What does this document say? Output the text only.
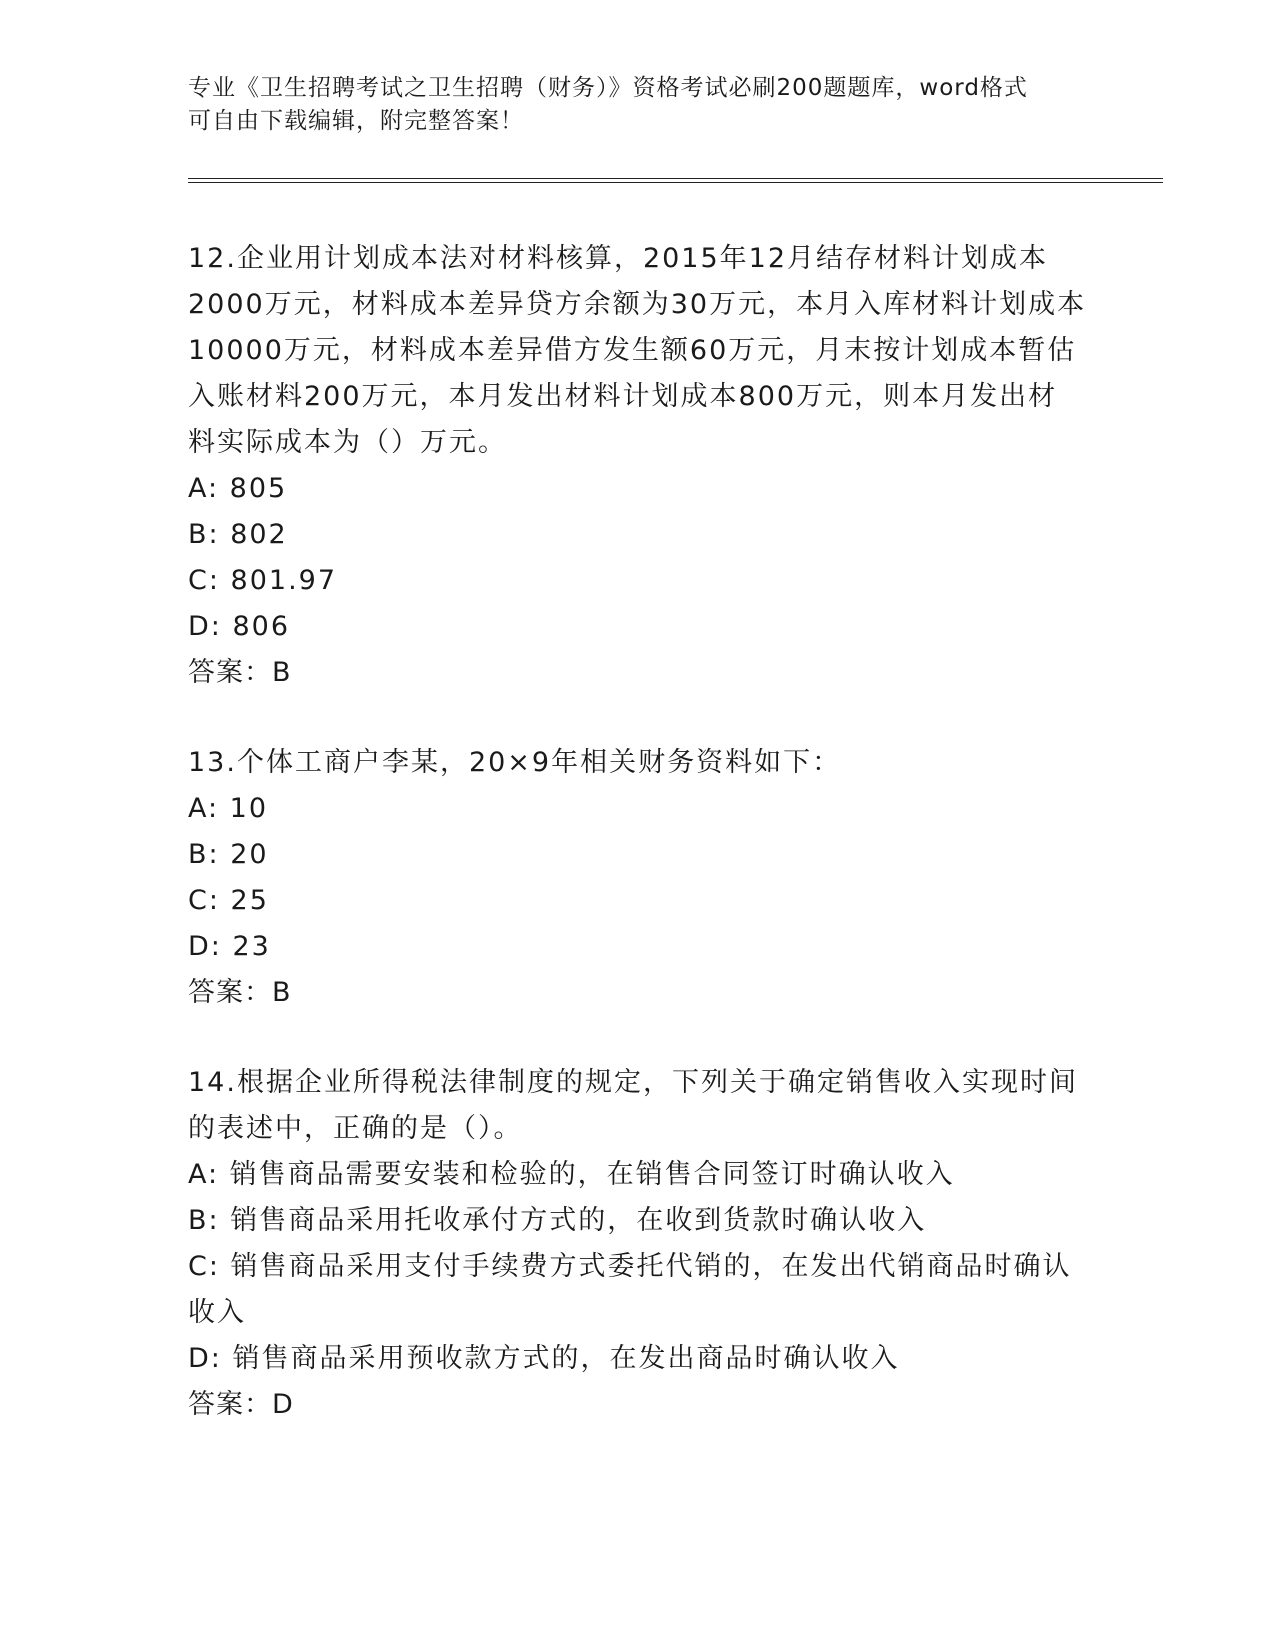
专业《卫生招聘考试之卫生招聘（财务）》资格考试必刷200题题库，word格式
可自由下载编辑，附完整答案！
12.企业用计划成本法对材料核算，2015年12月结存材料计划成本
2000万元，材料成本差异贷方余额为30万元，本月入库材料计划成本
10000万元，材料成本差异借方发生额60万元，月末按计划成本暂估
入账材料200万元，本月发出材料计划成本800万元，则本月发出材
料实际成本为（）万元。
A: 805
B: 802
C: 801.97
D: 806
答案：B
13.个体工商户李某，20×9年相关财务资料如下：
A: 10
B: 20
C: 25
D: 23
答案：B
14.根据企业所得税法律制度的规定，下列关于确定销售收入实现时间
的表述中，正确的是（）。
A: 销售商品需要安装和检验的，在销售合同签订时确认收入
B: 销售商品采用托收承付方式的，在收到货款时确认收入
C: 销售商品采用支付手续费方式委托代销的，在发出代销商品时确认
收入
D: 销售商品采用预收款方式的，在发出商品时确认收入
答案：D
